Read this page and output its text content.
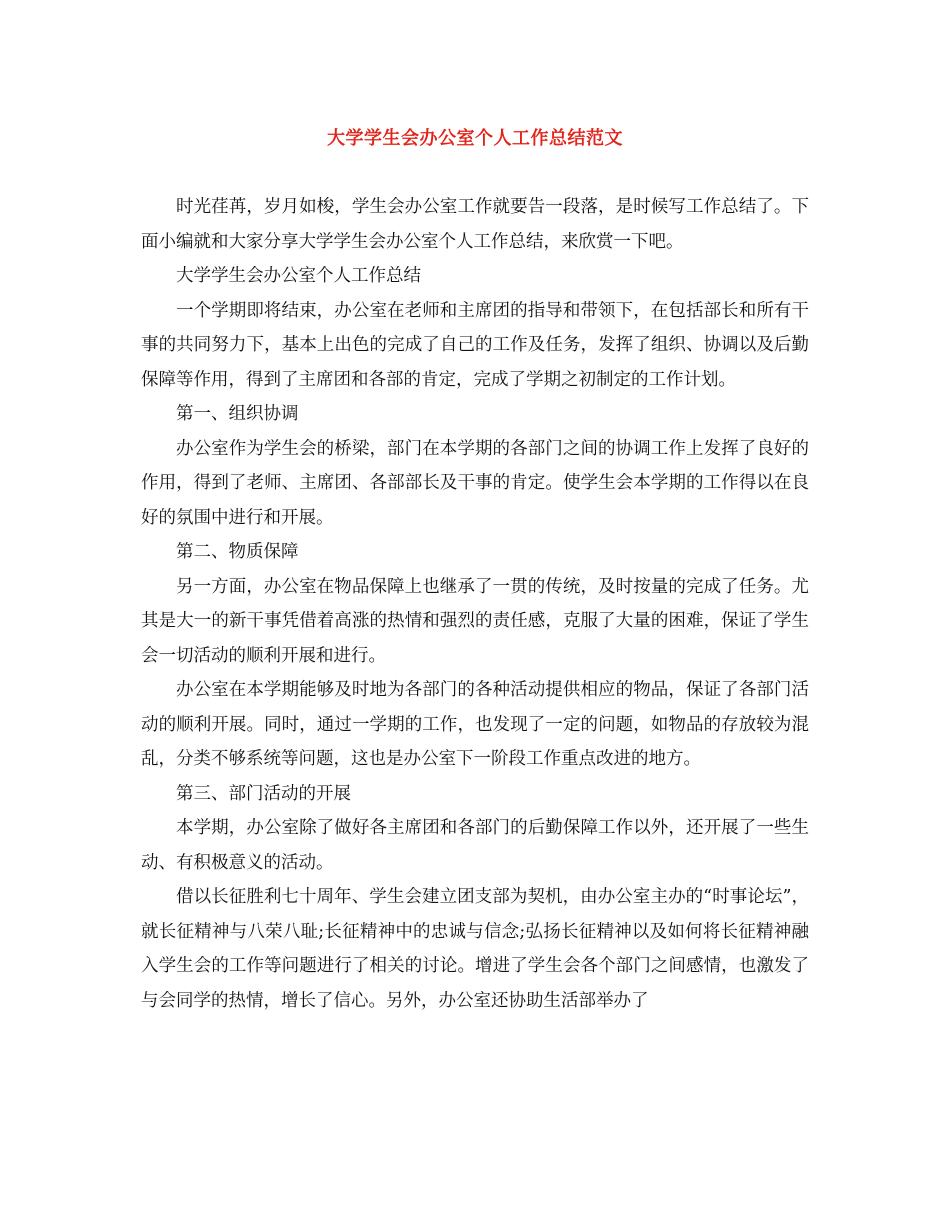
大学学生会办公室个人工作总结范文

时光荏苒，岁月如梭，学生会办公室工作就要告一段落，是时候写工作总结了。下面小编就和大家分享大学学生会办公室个人工作总结，来欣赏一下吧。

大学学生会办公室个人工作总结

一个学期即将结束，办公室在老师和主席团的指导和带领下，在包括部长和所有干事的共同努力下，基本上出色的完成了自己的工作及任务，发挥了组织、协调以及后勤保障等作用，得到了主席团和各部的肯定，完成了学期之初制定的工作计划。

第一、组织协调

办公室作为学生会的桥梁，部门在本学期的各部门之间的协调工作上发挥了良好的作用，得到了老师、主席团、各部部长及干事的肯定。使学生会本学期的工作得以在良好的氛围中进行和开展。

第二、物质保障

另一方面，办公室在物品保障上也继承了一贯的传统，及时按量的完成了任务。尤其是大一的新干事凭借着高涨的热情和强烈的责任感，克服了大量的困难，保证了学生会一切活动的顺利开展和进行。

办公室在本学期能够及时地为各部门的各种活动提供相应的物品，保证了各部门活动的顺利开展。同时，通过一学期的工作，也发现了一定的问题，如物品的存放较为混乱，分类不够系统等问题，这也是办公室下一阶段工作重点改进的地方。

第三、部门活动的开展

本学期，办公室除了做好各主席团和各部门的后勤保障工作以外，还开展了一些生动、有积极意义的活动。

借以长征胜利七十周年、学生会建立团支部为契机，由办公室主办的“时事论坛”，就长征精神与八荣八耻;长征精神中的忠诚与信念;弘扬长征精神以及如何将长征精神融入学生会的工作等问题进行了相关的讨论。增进了学生会各个部门之间感情，也激发了与会同学的热情，增长了信心。另外，办公室还协助生活部举办了
